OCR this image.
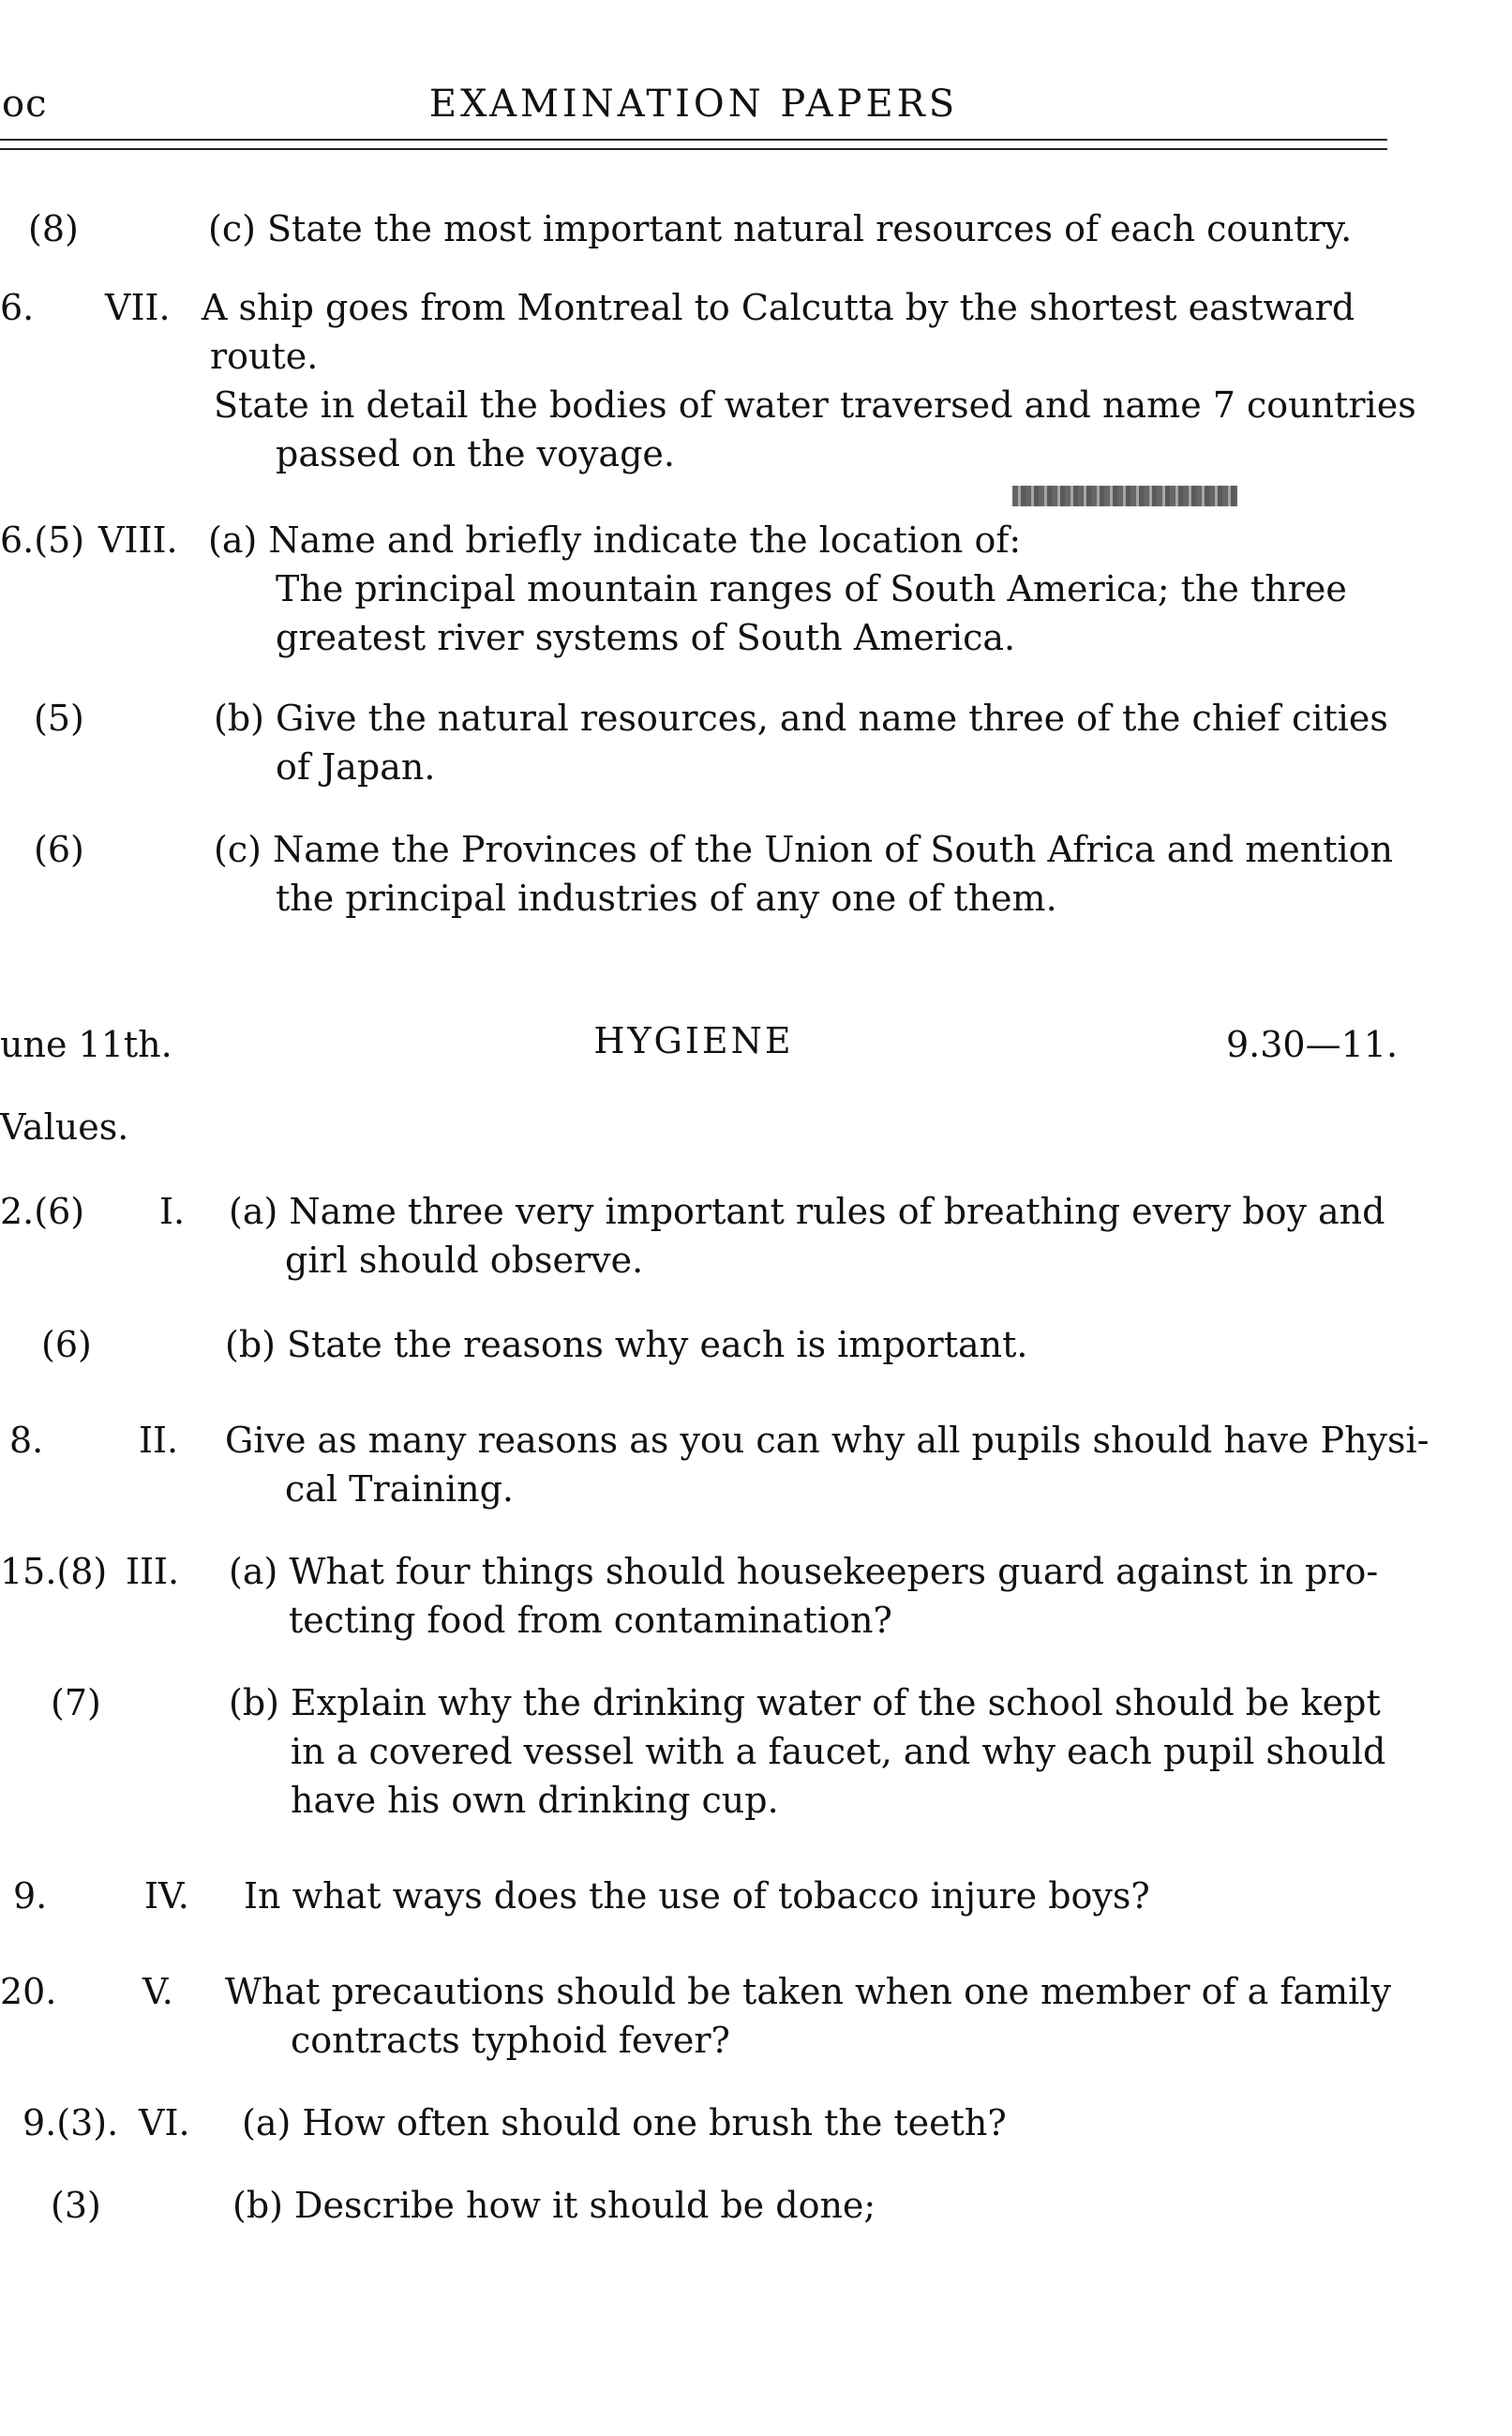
oc	EXAMINATION PAPERS
(8)	(c) State the most important natural resources of each country.
6. VII. A ship goes from Montreal to Calcutta by the shortest eastward
route.
State in detail the bodies of water traversed and name 7 countries
passed on the voyage.
6.(5) VIII. (a) Name and briefly indicate the location of:
The principal mountain ranges of South America; the three
greatest river systems of South America.
(5)	(b) Give the natural resources, and name three of the chief cities
of Japan.
(6)	(c) Name the Provinces of the Union of South Africa and mention
the principal industries of any one of them.
une 11th.	HYGIENE	9.30—11.
Values.
2.(6) I. (a) Name three very important rules of breathing every boy and
girl should observe.
(6)	(b) State the reasons why each is important.
8.	II. Give as many reasons as you can why all pupils should have Physi-
cal Training.
15.(8) III. (a) What four things should housekeepers guard against in pro-
tecting food from contamination?
(7)	(b) Explain why the drinking water of the school should be kept
in a covered vessel with a faucet, and why each pupil should
have his own drinking cup.
9.	IV. In what ways does the use of tobacco injure boys?
20. V. What precautions should be taken when one member of a family
contracts typhoid fever?
9.(3). VI. (a) How often should one brush the teeth?
(3)	(b) Describe how it should be done;
